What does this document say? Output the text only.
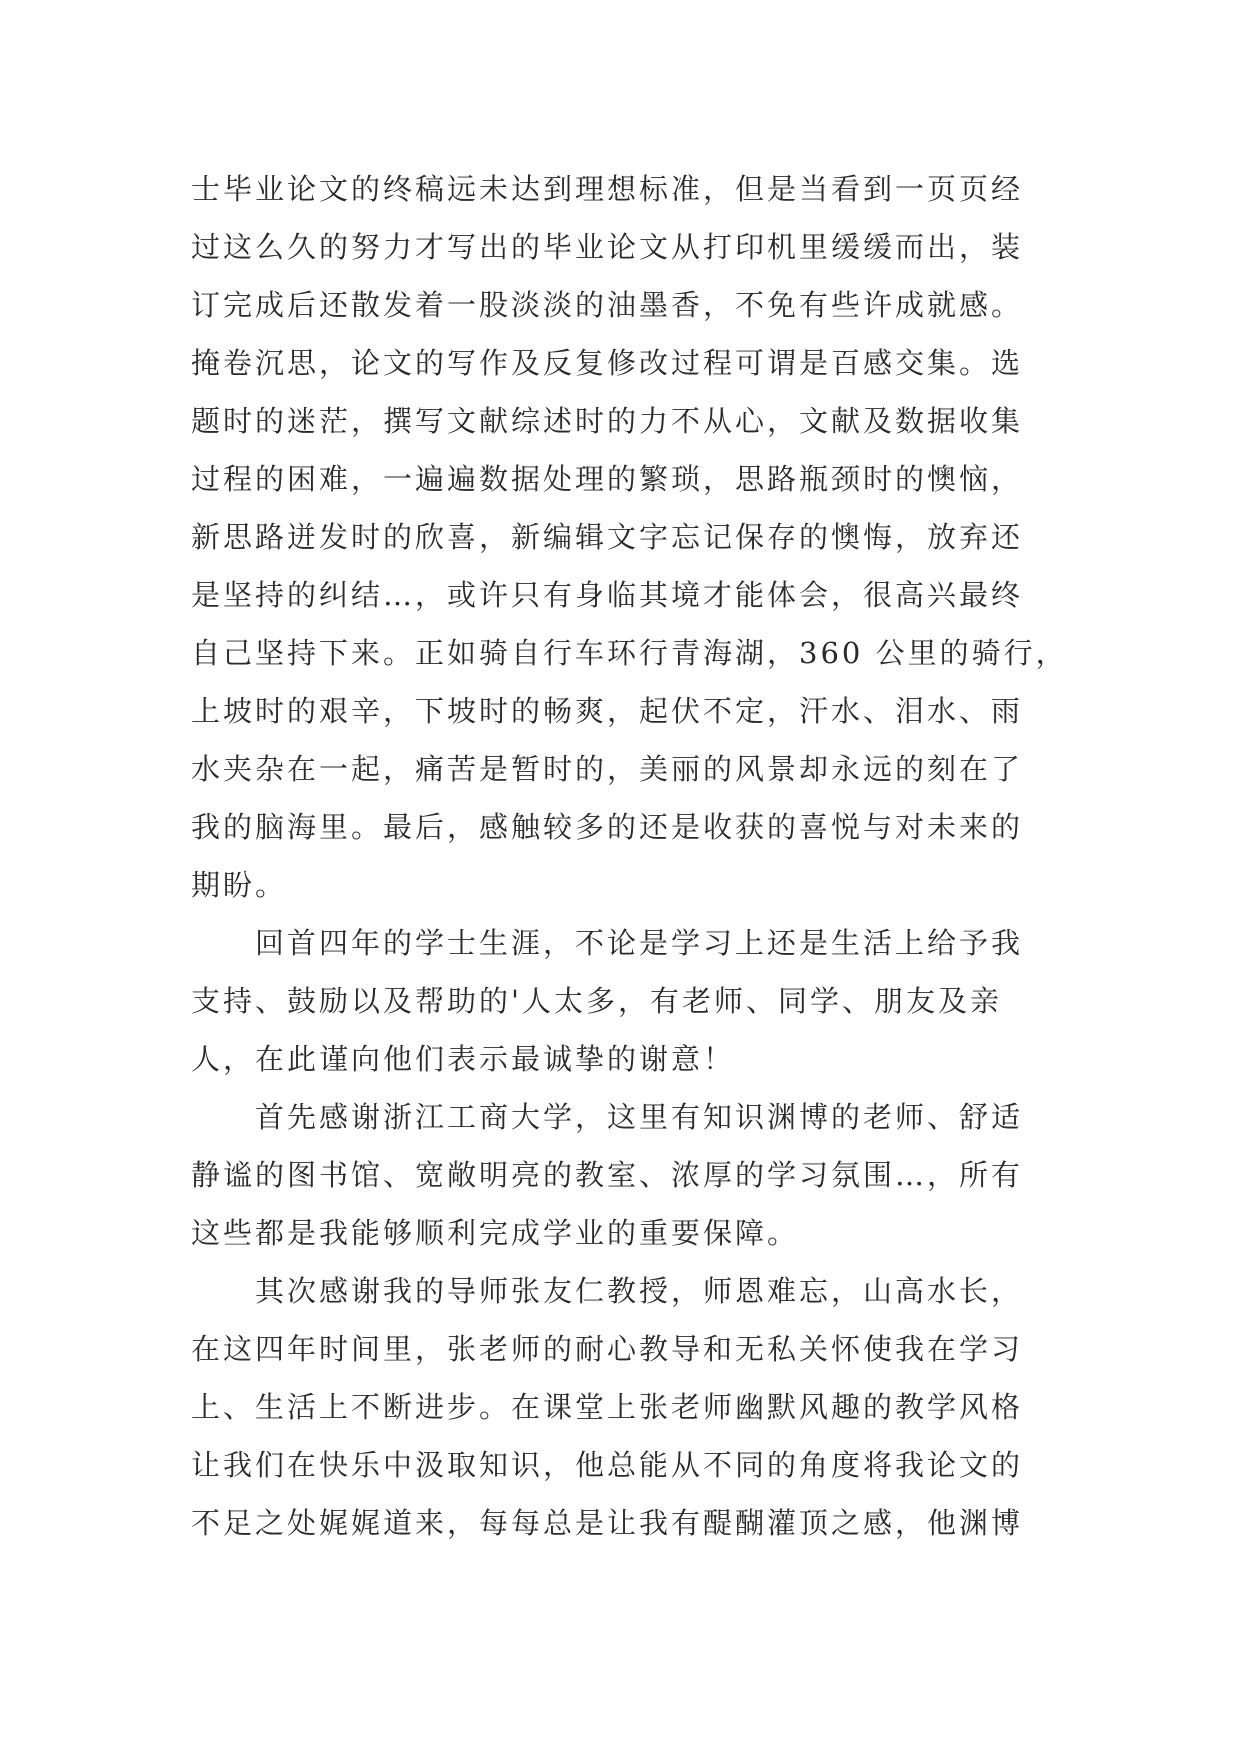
士毕业论文的终稿远未达到理想标准，但是当看到一页页经
过这么久的努力才写出的毕业论文从打印机里缓缓而出，装
订完成后还散发着一股淡淡的油墨香，不免有些许成就感。
掩卷沉思，论文的写作及反复修改过程可谓是百感交集。选
题时的迷茫，撰写文献综述时的力不从心，文献及数据收集
过程的困难，一遍遍数据处理的繁琐，思路瓶颈时的懊恼，
新思路迸发时的欣喜，新编辑文字忘记保存的懊悔，放弃还
是坚持的纠结…，或许只有身临其境才能体会，很高兴最终
自己坚持下来。正如骑自行车环行青海湖，360 公里的骑行，
上坡时的艰辛，下坡时的畅爽，起伏不定，汗水、泪水、雨
水夹杂在一起，痛苦是暂时的，美丽的风景却永远的刻在了
我的脑海里。最后，感触较多的还是收获的喜悦与对未来的
期盼。
回首四年的学士生涯，不论是学习上还是生活上给予我
支持、鼓励以及帮助的'人太多，有老师、同学、朋友及亲
人，在此谨向他们表示最诚挚的谢意！
首先感谢浙江工商大学，这里有知识渊博的老师、舒适
静谧的图书馆、宽敞明亮的教室、浓厚的学习氛围…，所有
这些都是我能够顺利完成学业的重要保障。
其次感谢我的导师张友仁教授，师恩难忘，山高水长，
在这四年时间里，张老师的耐心教导和无私关怀使我在学习
上、生活上不断进步。在课堂上张老师幽默风趣的教学风格
让我们在快乐中汲取知识，他总能从不同的角度将我论文的
不足之处娓娓道来，每每总是让我有醍醐灌顶之感，他渊博
